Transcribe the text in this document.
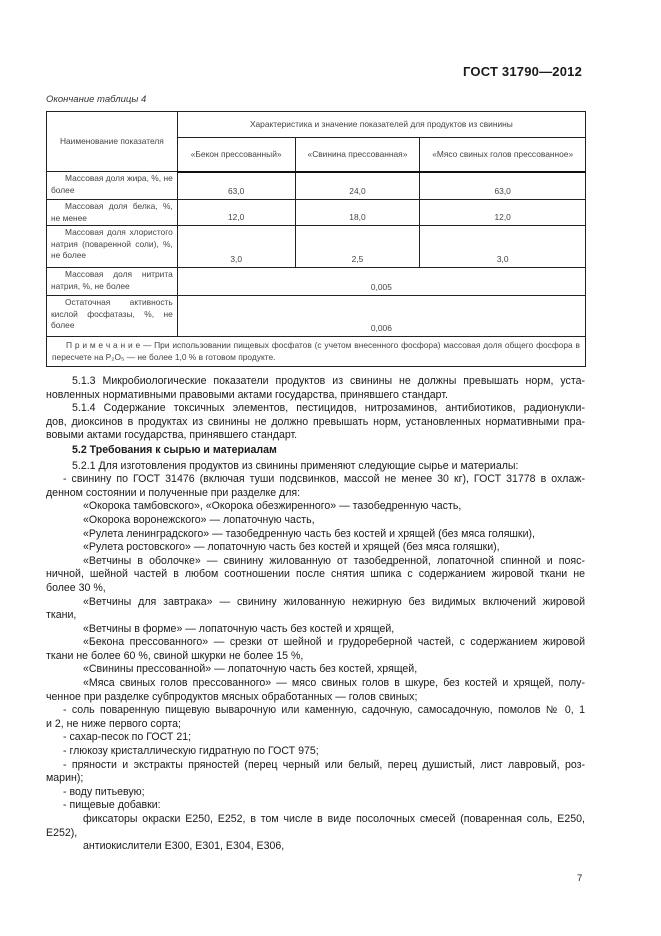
ГОСТ 31790—2012
Окончание таблицы 4
Наименование показателя	Характеристика и значение показателей для продуктов из свинины		
	«Бекон прессованный»	«Свинина прессованная»	«Мясо свиных голов прессованное»
Массовая доля жира, %, не более	63,0	24,0	63,0
Массовая доля белка, %, не менее	12,0	18,0	12,0
Массовая доля хлористого натрия (поваренной соли), %, не более	3,0	2,5	3,0
Массовая доля нитрита натрия, %, не более	0,005		
Остаточная активность кислой фосфатазы, %, не более	0,006		
П р и м е ч а н и е — При использовании пищевых фосфатов (с учетом внесенного фосфора) массовая доля общего фосфора в пересчете на P₂O₅ — не более 1,0 % в готовом продукте.			
5.1.3 Микробиологические показатели продуктов из свинины не должны превышать норм, уста-
новленных нормативными правовыми актами государства, принявшего стандарт.
5.1.4 Содержание токсичных элементов, пестицидов, нитрозаминов, антибиотиков, радионукли-
дов, диоксинов в продуктах из свинины не должно превышать норм, установленных нормативными пра-
вовыми актами государства, принявшего стандарт.
5.2 Требования к сырью и материалам
5.2.1 Для изготовления продуктов из свинины применяют следующие сырье и материалы:
- свинину по ГОСТ 31476 (включая туши подсвинков, массой не менее 30 кг), ГОСТ 31778 в охлаж-
денном состоянии и полученные при разделке для:
«Окорока тамбовского», «Окорока обезжиренного» — тазобедренную часть,
«Окорока воронежского» — лопаточную часть,
«Рулета ленинградского» — тазобедренную часть без костей и хрящей (без мяса голяшки),
«Рулета ростовского» — лопаточную часть без костей и хрящей (без мяса голяшки),
«Ветчины в оболочке» — свинину жилованную от тазобедренной, лопаточной спинной и пояс-
ничной, шейной частей в любом соотношении после снятия шпика с содержанием жировой ткани не
более 30 %,
«Ветчины для завтрака» — свинину жилованную нежирную без видимых включений жировой
ткани,
«Ветчины в форме» — лопаточную часть без костей и хрящей,
«Бекона прессованного» — срезки от шейной и грудореберной частей, с содержанием жировой
ткани не более 60 %, свиной шкурки не более 15 %,
«Свинины прессованной» — лопаточную часть без костей, хрящей,
«Мяса свиных голов прессованного» — мясо свиных голов в шкуре, без костей и хрящей, полу-
ченное при разделке субпродуктов мясных обработанных — голов свиных;
- соль поваренную пищевую выварочную или каменную, садочную, самосадочную, помолов № 0, 1
и 2, не ниже первого сорта;
- сахар-песок по ГОСТ 21;
- глюкозу кристаллическую гидратную по ГОСТ 975;
- пряности и экстракты пряностей (перец черный или белый, перец душистый, лист лавровый, роз-
марин);
- воду питьевую;
- пищевые добавки:
фиксаторы окраски Е250, Е252, в том числе в виде посолочных смесей (поваренная соль, Е250,
Е252),
антиокислители Е300, Е301, Е304, Е306,
7
